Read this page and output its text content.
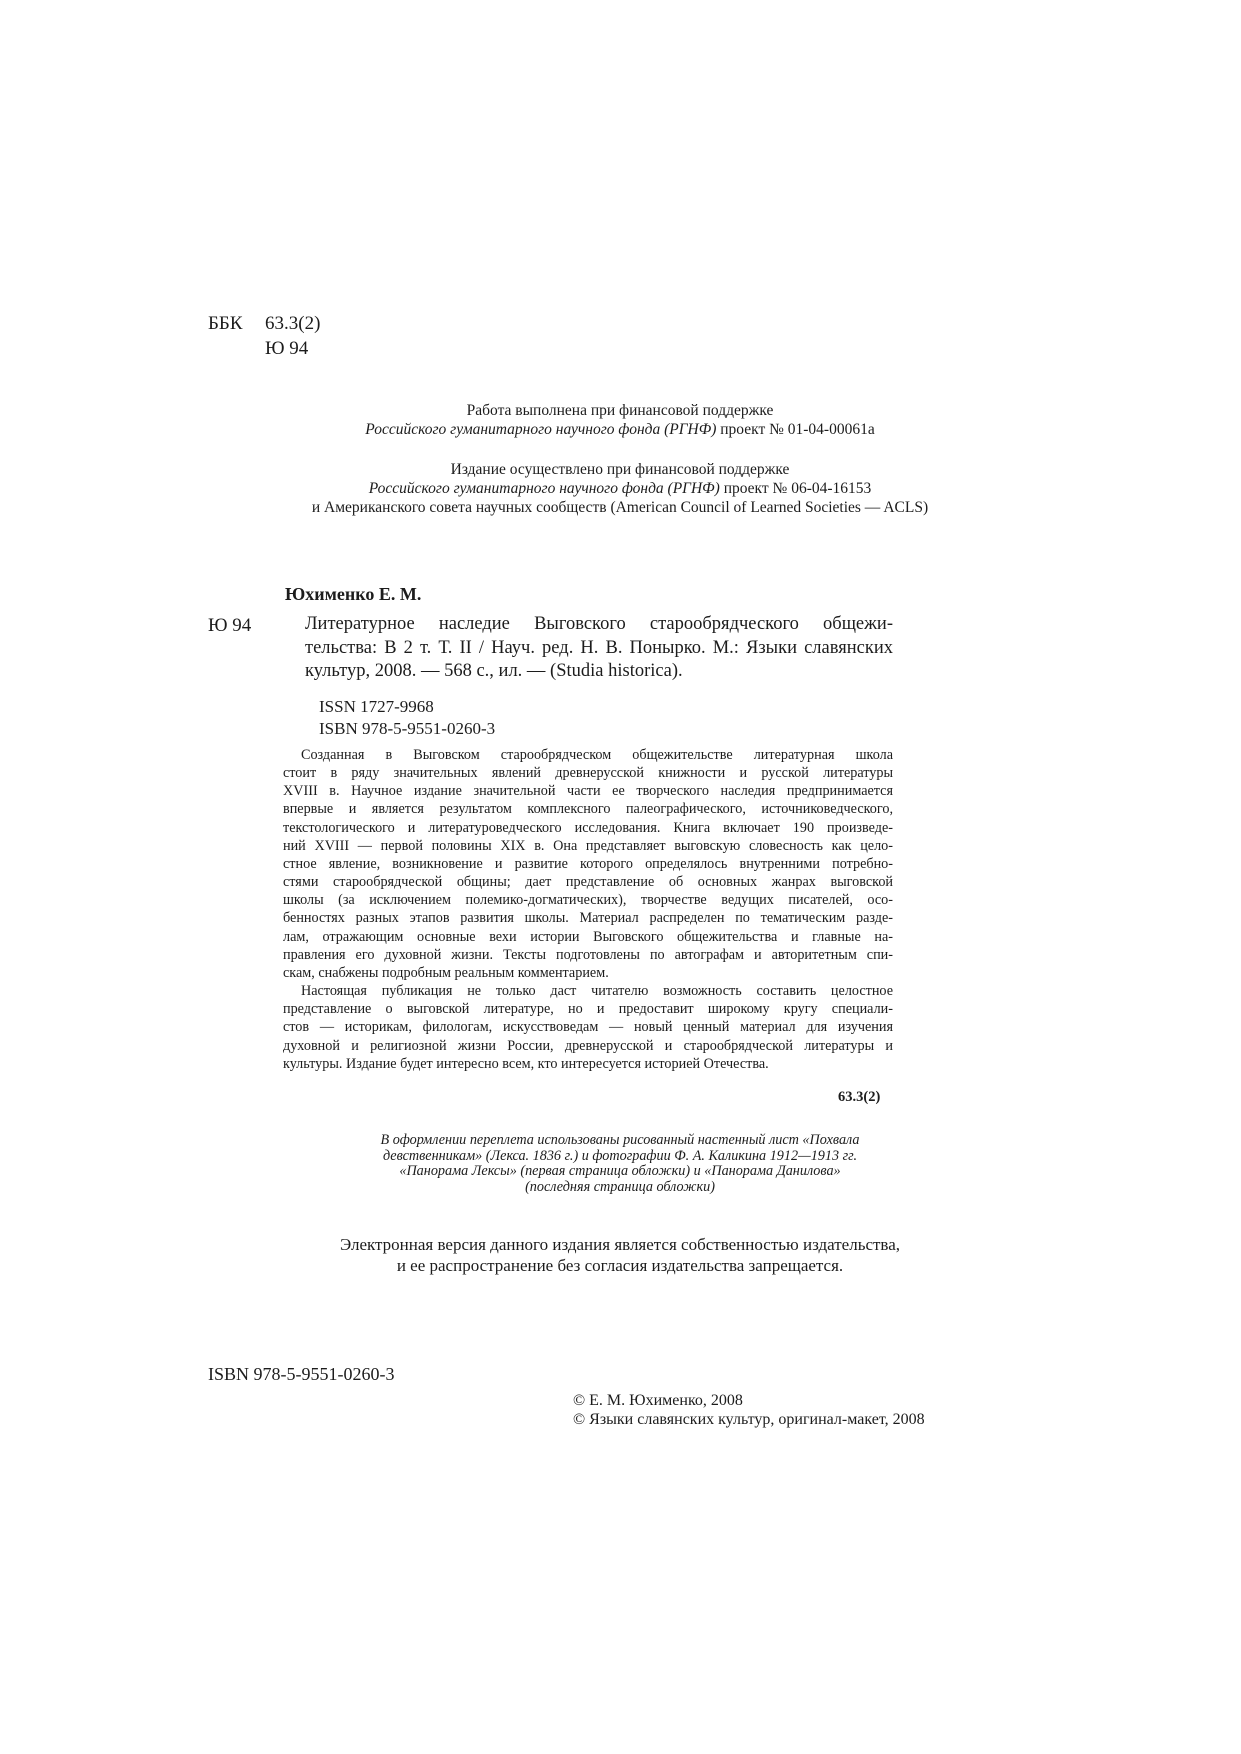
ББК 63.3(2)
Ю 94
Работа выполнена при финансовой поддержке
Российского гуманитарного научного фонда (РГНФ) проект № 01-04-00061а
Издание осуществлено при финансовой поддержке
Российского гуманитарного научного фонда (РГНФ) проект № 06-04-16153
и Американского совета научных сообществ (American Council of Learned Societies — ACLS)
Юхименко Е. М.
Ю 94	Литературное наследие Выговского старообрядческого общежи-
тельства: В 2 т. Т. II / Науч. ред. Н. В. Понырко. М.: Языки славянских
культур, 2008. — 568 с., ил. — (Studia historica).
ISSN 1727-9968
ISBN 978-5-9551-0260-3
Созданная в Выговском старообрядческом общежительстве литературная школа
стоит в ряду значительных явлений древнерусской книжности и русской литературы
XVIII в. Научное издание значительной части ее творческого наследия предпринимается
впервые и является результатом комплексного палеографического, источниковедческого,
текстологического и литературоведческого исследования. Книга включает 190 произведе-
ний XVIII — первой половины XIX в. Она представляет выговскую словесность как цело-
стное явление, возникновение и развитие которого определялось внутренними потребно-
стями старообрядческой общины; дает представление об основных жанрах выговской
школы (за исключением полемико-догматических), творчестве ведущих писателей, осо-
бенностях разных этапов развития школы. Материал распределен по тематическим разде-
лам, отражающим основные вехи истории Выговского общежительства и главные на-
правления его духовной жизни. Тексты подготовлены по автографам и авторитетным спи-
скам, снабжены подробным реальным комментарием.
Настоящая публикация не только даст читателю возможность составить целостное
представление о выговской литературе, но и предоставит широкому кругу специали-
стов — историкам, филологам, искусствоведам — новый ценный материал для изучения
духовной и религиозной жизни России, древнерусской и старообрядческой литературы и
культуры. Издание будет интересно всем, кто интересуется историей Отечества.
63.3(2)
В оформлении переплета использованы рисованный настенный лист «Похвала
девственникам» (Лекса. 1836 г.) и фотографии Ф. А. Каликина 1912—1913 гг.
«Панорама Лексы» (первая страница обложки) и «Панорама Данилова»
(последняя страница обложки)
Электронная версия данного издания является собственностью издательства,
и ее распространение без согласия издательства запрещается.
ISBN 978-5-9551-0260-3
© Е. М. Юхименко, 2008
© Языки славянских культур, оригинал-макет, 2008
